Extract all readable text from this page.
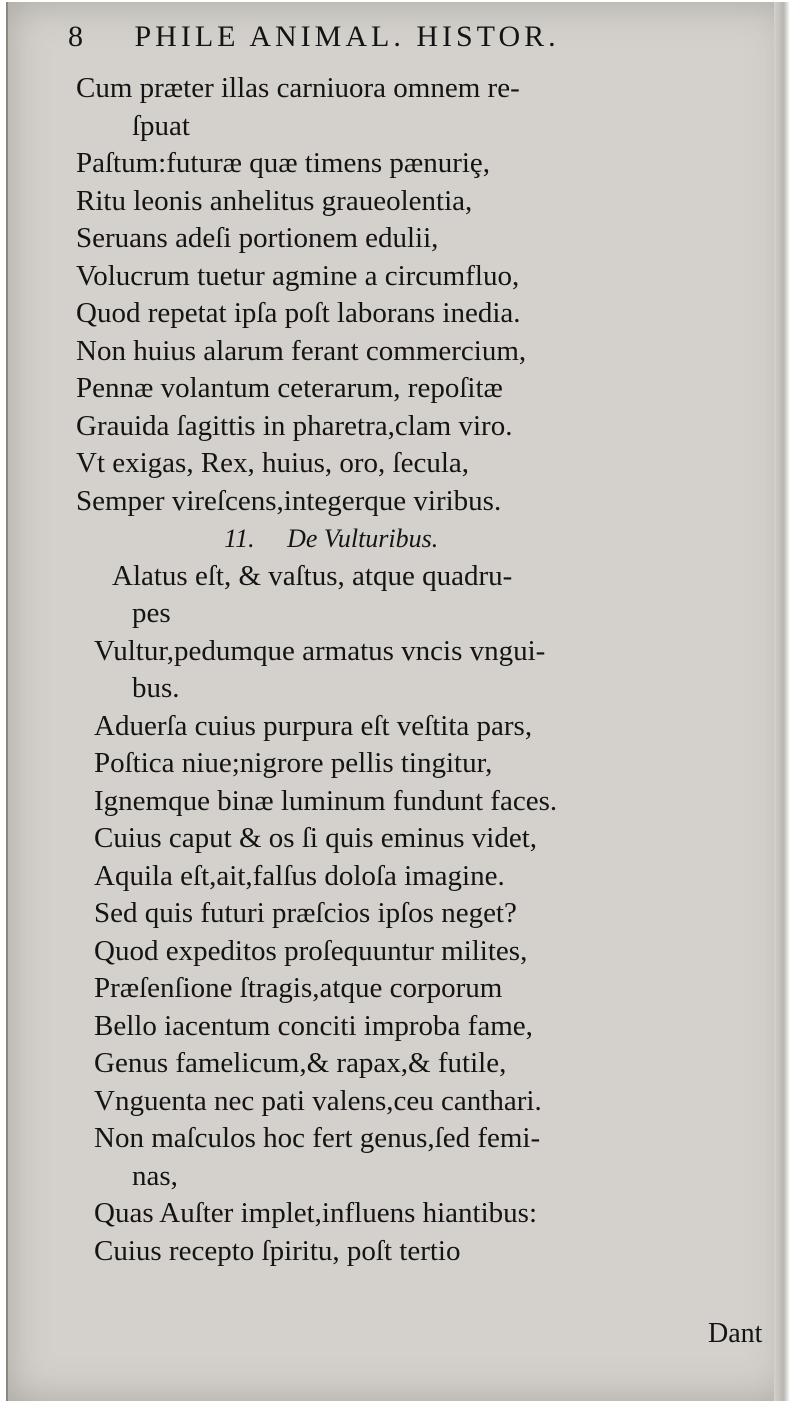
8 PHILE ANIMAL. HISTOR.
Cum præter illas carniuora omnem re-
ſpuat
Paſtum:futuræ quæ timens pænuriȩ,
Ritu leonis anhelitus graueolentia,
Seruans adeſi portionem edulii,
Volucrum tuetur agmine a circumfluo,
Quod repetat ipſa poſt laborans inedia.
Non huius alarum ferant commercium,
Pennæ volantum ceterarum, repoſitæ
Grauida ſagittis in pharetra,clam viro.
Vt exigas, Rex, huius, oro, ſecula,
Semper vireſcens,integerque viribus.
11. De Vulturibus.
Alatus eſt, & vaſtus, atque quadru-
pes
Vultur,pedumque armatus vncis vngui-
bus.
Aduerſa cuius purpura eſt veſtita pars,
Poſtica niue;nigrore pellis tingitur,
Ignemque binæ luminum fundunt faces.
Cuius caput & os ſi quis eminus videt,
Aquila eſt,ait,falſus doloſa imagine.
Sed quis futuri præſcios ipſos neget?
Quod expeditos proſequuntur milites,
Præſenſione ſtragis,atque corporum
Bello iacentum conciti improba fame,
Genus famelicum,& rapax,& futile,
Vnguenta nec pati valens,ceu canthari.
Non maſculos hoc fert genus,ſed femi-
nas,
Quas Auſter implet,influens hiantibus:
Cuius recepto ſpiritu, poſt tertio
Dant
